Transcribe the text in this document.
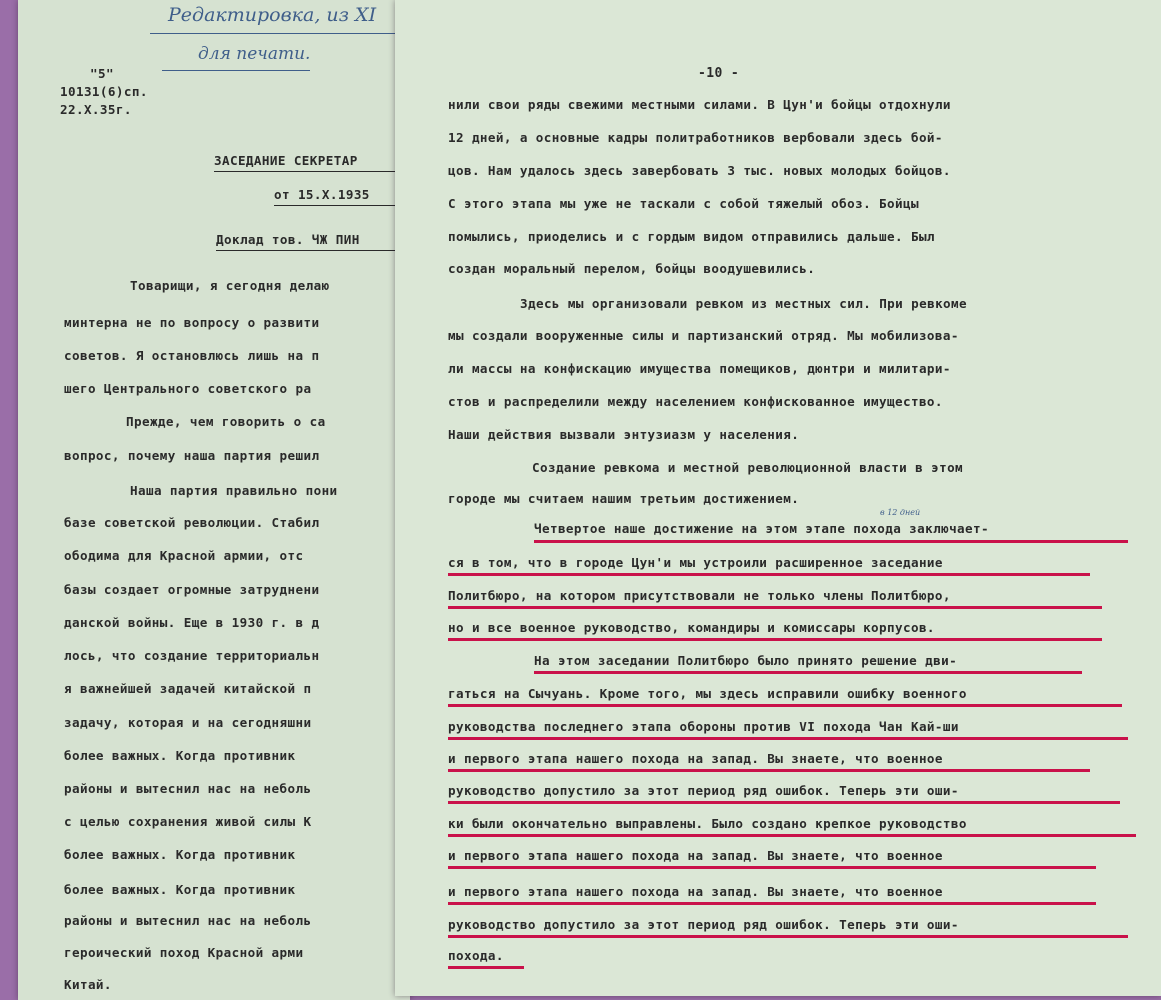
"5"
10131(6)сп.
22.X.35г.
ЗАСЕДАНИЕ СЕКРЕТАР
от 15.X.1935
Доклад тов. ЧЖ ПИН
Товарищи, я сегодня делаю
минтерна не по вопросу о развити
советов. Я остановлюсь лишь на п
шего Центрального советского ра
Прежде, чем говорить о са
вопрос, почему наша партия решил
Наша партия правильно пони
базе советской революции. Стабил
ободима для Красной армии, отс
базы создает огромные затруднени
данской войны. Еще в 1930 г. в д
лось, что создание территориальн
я важнейшей задачей китайской п
задачу, которая и на сегодняшни
более важных. Когда противник
районы и вытеснил нас на неболь
с целью сохранения живой силы К
более важных. Когда противник
более важных. Когда противник
районы и вытеснил нас на неболь
героический поход Красной арми
Китай.
Редактировка, из XI
для печати.
-10 -
в 12 дней
нили свои ряды свежими местными силами. В Цун'и бойцы отдохнули
12 дней, а основные кадры политработников вербовали здесь бой-
цов. Нам удалось здесь завербовать 3 тыс. новых молодых бойцов.
С этого этапа мы уже не таскали с собой тяжелый обоз. Бойцы
помылись, приоделись и с гордым видом отправились дальше. Был
создан моральный перелом, бойцы воодушевились.
Здесь мы организовали ревком из местных сил. При ревкоме
мы создали вооруженные силы и партизанский отряд. Мы мобилизова-
ли массы на конфискацию имущества помещиков, дюнтри и милитари-
стов и распределили между населением конфискованное имущество.
Наши действия вызвали энтузиазм у населения.
Создание ревкома и местной революционной власти в этом
городе мы считаем нашим третьим достижением.
Четвертое наше достижение на этом этапе похода заключает-
ся в том, что в городе Цун'и мы устроили расширенное заседание
Политбюро, на котором присутствовали не только члены Политбюро,
но и все военное руководство, командиры и комиссары корпусов.
На этом заседании Политбюро было принято решение дви-
гаться на Сычуань. Кроме того, мы здесь исправили ошибку военного
руководства последнего этапа обороны против VI похода Чан Кай-ши
и первого этапа нашего похода на запад. Вы знаете, что военное
руководство допустило за этот период ряд ошибок. Теперь эти оши-
ки были окончательно выправлены. Было создано крепкое руководство
и первого этапа нашего похода на запад. Вы знаете, что военное
и первого этапа нашего похода на запад. Вы знаете, что военное
руководство допустило за этот период ряд ошибок. Теперь эти оши-
похода.
